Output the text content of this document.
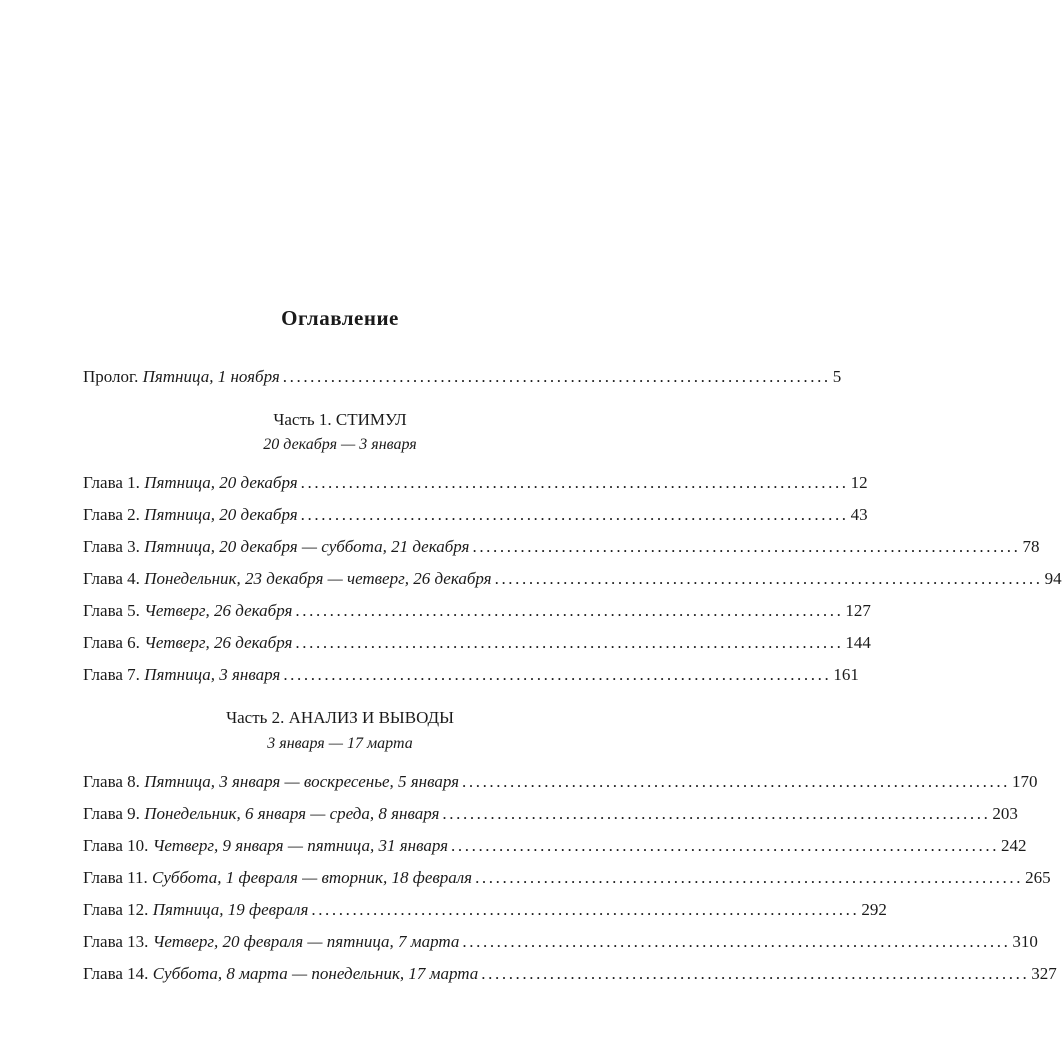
Оглавление
Пролог.
Пятница, 1 ноября ................................................................................ 5
Часть 1. СТИМУЛ
20 декабря — 3 января
Глава 1.
Пятница, 20 декабря ................................................................................ 12
Глава 2.
Пятница, 20 декабря ................................................................................ 43
Глава 3.
Пятница, 20 декабря — суббота, 21 декабря ................................................................................ 78
Глава 4.
Понедельник, 23 декабря — четверг, 26 декабря ................................................................................ 94
Глава 5.
Четверг, 26 декабря ................................................................................ 127
Глава 6.
Четверг, 26 декабря ................................................................................ 144
Глава 7.
Пятница, 3 января ................................................................................ 161
Часть 2. АНАЛИЗ И ВЫВОДЫ
3 января — 17 марта
Глава 8.
Пятница, 3 января — воскресенье, 5 января ................................................................................ 170
Глава 9.
Понедельник, 6 января — среда, 8 января ................................................................................ 203
Глава 10.
Четверг, 9 января — пятница, 31 января ................................................................................ 242
Глава 11.
Суббота, 1 февраля — вторник, 18 февраля ................................................................................ 265
Глава 12.
Пятница, 19 февраля ................................................................................ 292
Глава 13.
Четверг, 20 февраля — пятница, 7 марта ................................................................................ 310
Глава 14.
Суббота, 8 марта — понедельник, 17 марта ................................................................................ 327
